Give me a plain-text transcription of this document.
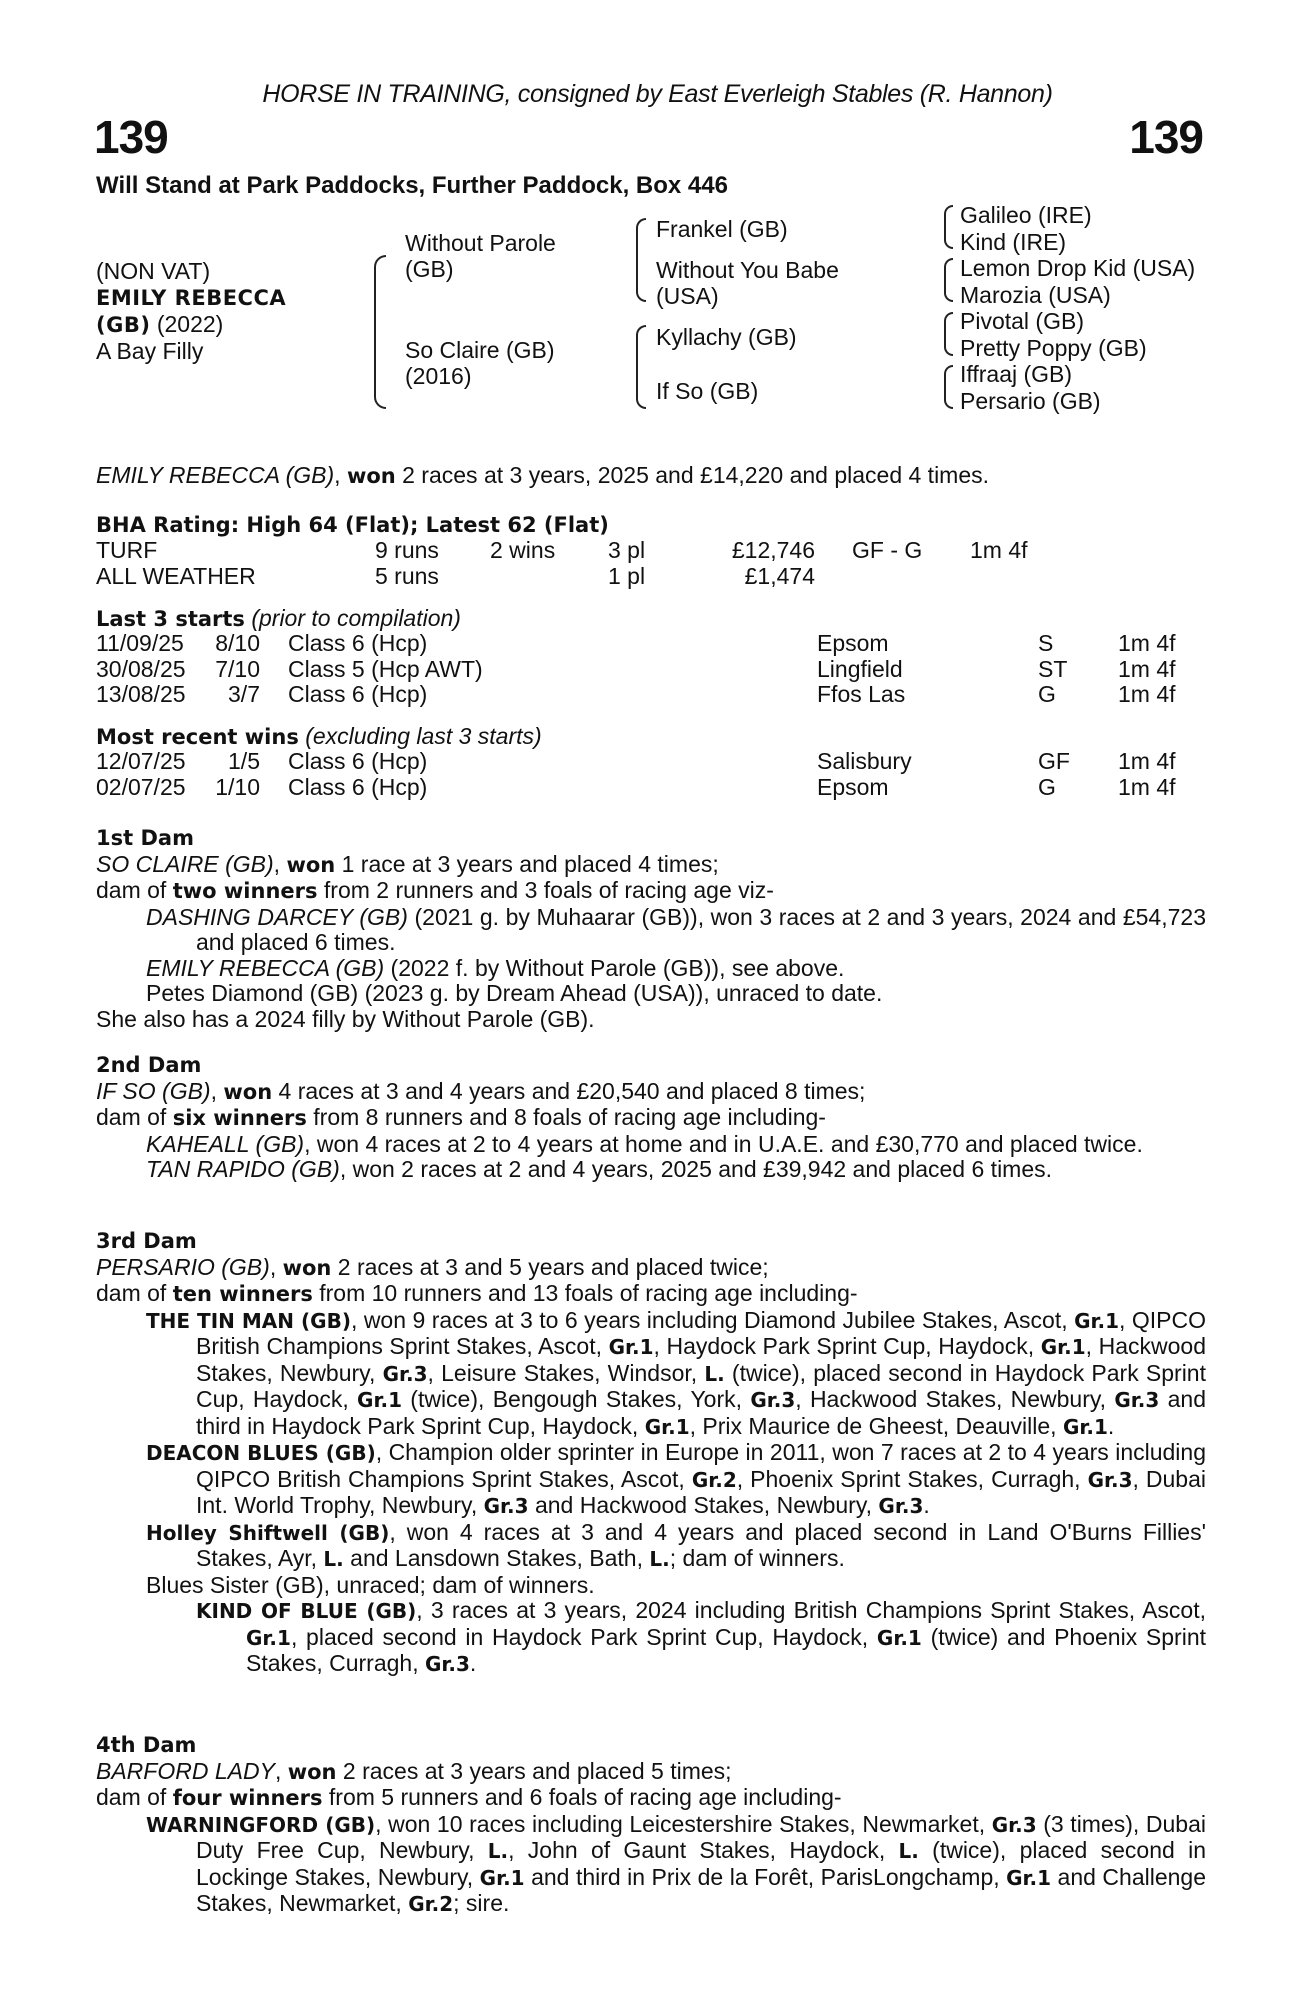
HORSE IN TRAINING, consigned by East Everleigh Stables (R. Hannon)
139	139
Will Stand at Park Paddocks, Further Paddock, Box 446
(NON VAT)
EMILY REBECCA
(GB) (2022)
A Bay Filly
Without Parole
(GB)
So Claire (GB)
(2016)
Frankel (GB)
Without You Babe
(USA)
Kyllachy (GB)
If So (GB)
Galileo (IRE)
Kind (IRE)
Lemon Drop Kid (USA)
Marozia (USA)
Pivotal (GB)
Pretty Poppy (GB)
Iffraaj (GB)
Persario (GB)
EMILY REBECCA (GB), won 2 races at 3 years, 2025 and £14,220 and placed 4 times.
BHA Rating: High 64 (Flat); Latest 62 (Flat)
TURF	9 runs 2 wins 3 pl	£12,746 GF - G 1m 4f
ALL WEATHER	5 runs	1 pl	£1,474
Last 3 starts (prior to compilation)
11/09/25	8/10 Class 6 (Hcp)	Epsom	S	1m 4f
30/08/25	7/10 Class 5 (Hcp AWT)	Lingfield	ST 1m 4f
13/08/25	3/7 Class 6 (Hcp)	Ffos Las	G	1m 4f
Most recent wins (excluding last 3 starts)
12/07/25	1/5 Class 6 (Hcp)	Salisbury	GF 1m 4f
02/07/25	1/10 Class 6 (Hcp)	Epsom	G	1m 4f
1st Dam
SO CLAIRE (GB), won 1 race at 3 years and placed 4 times;
dam of two winners from 2 runners and 3 foals of racing age viz-
DASHING DARCEY (GB) (2021 g. by Muhaarar (GB)), won 3 races at 2 and 3 years, 2024 and £54,723 and placed 6 times.
EMILY REBECCA (GB) (2022 f. by Without Parole (GB)), see above.
Petes Diamond (GB) (2023 g. by Dream Ahead (USA)), unraced to date.
She also has a 2024 filly by Without Parole (GB).
2nd Dam
IF SO (GB), won 4 races at 3 and 4 years and £20,540 and placed 8 times;
dam of six winners from 8 runners and 8 foals of racing age including-
KAHEALL (GB), won 4 races at 2 to 4 years at home and in U.A.E. and £30,770 and placed twice.
TAN RAPIDO (GB), won 2 races at 2 and 4 years, 2025 and £39,942 and placed 6 times.
3rd Dam
PERSARIO (GB), won 2 races at 3 and 5 years and placed twice;
dam of ten winners from 10 runners and 13 foals of racing age including-
THE TIN MAN (GB), won 9 races at 3 to 6 years including Diamond Jubilee Stakes, Ascot, Gr.1, QIPCO British Champions Sprint Stakes, Ascot, Gr.1, Haydock Park Sprint Cup, Haydock, Gr.1, Hackwood Stakes, Newbury, Gr.3, Leisure Stakes, Windsor, L. (twice), placed second in Haydock Park Sprint Cup, Haydock, Gr.1 (twice), Bengough Stakes, York, Gr.3, Hackwood Stakes, Newbury, Gr.3 and third in Haydock Park Sprint Cup, Haydock, Gr.1, Prix Maurice de Gheest, Deauville, Gr.1.
DEACON BLUES (GB), Champion older sprinter in Europe in 2011, won 7 races at 2 to 4 years including QIPCO British Champions Sprint Stakes, Ascot, Gr.2, Phoenix Sprint Stakes, Curragh, Gr.3, Dubai Int. World Trophy, Newbury, Gr.3 and Hackwood Stakes, Newbury, Gr.3.
Holley Shiftwell (GB), won 4 races at 3 and 4 years and placed second in Land O'Burns Fillies' Stakes, Ayr, L. and Lansdown Stakes, Bath, L.; dam of winners.
Blues Sister (GB), unraced; dam of winners.
KIND OF BLUE (GB), 3 races at 3 years, 2024 including British Champions Sprint Stakes, Ascot, Gr.1, placed second in Haydock Park Sprint Cup, Haydock, Gr.1 (twice) and Phoenix Sprint Stakes, Curragh, Gr.3.
4th Dam
BARFORD LADY, won 2 races at 3 years and placed 5 times;
dam of four winners from 5 runners and 6 foals of racing age including-
WARNINGFORD (GB), won 10 races including Leicestershire Stakes, Newmarket, Gr.3 (3 times), Dubai Duty Free Cup, Newbury, L., John of Gaunt Stakes, Haydock, L. (twice), placed second in Lockinge Stakes, Newbury, Gr.1 and third in Prix de la Forêt, ParisLongchamp, Gr.1 and Challenge Stakes, Newmarket, Gr.2; sire.
